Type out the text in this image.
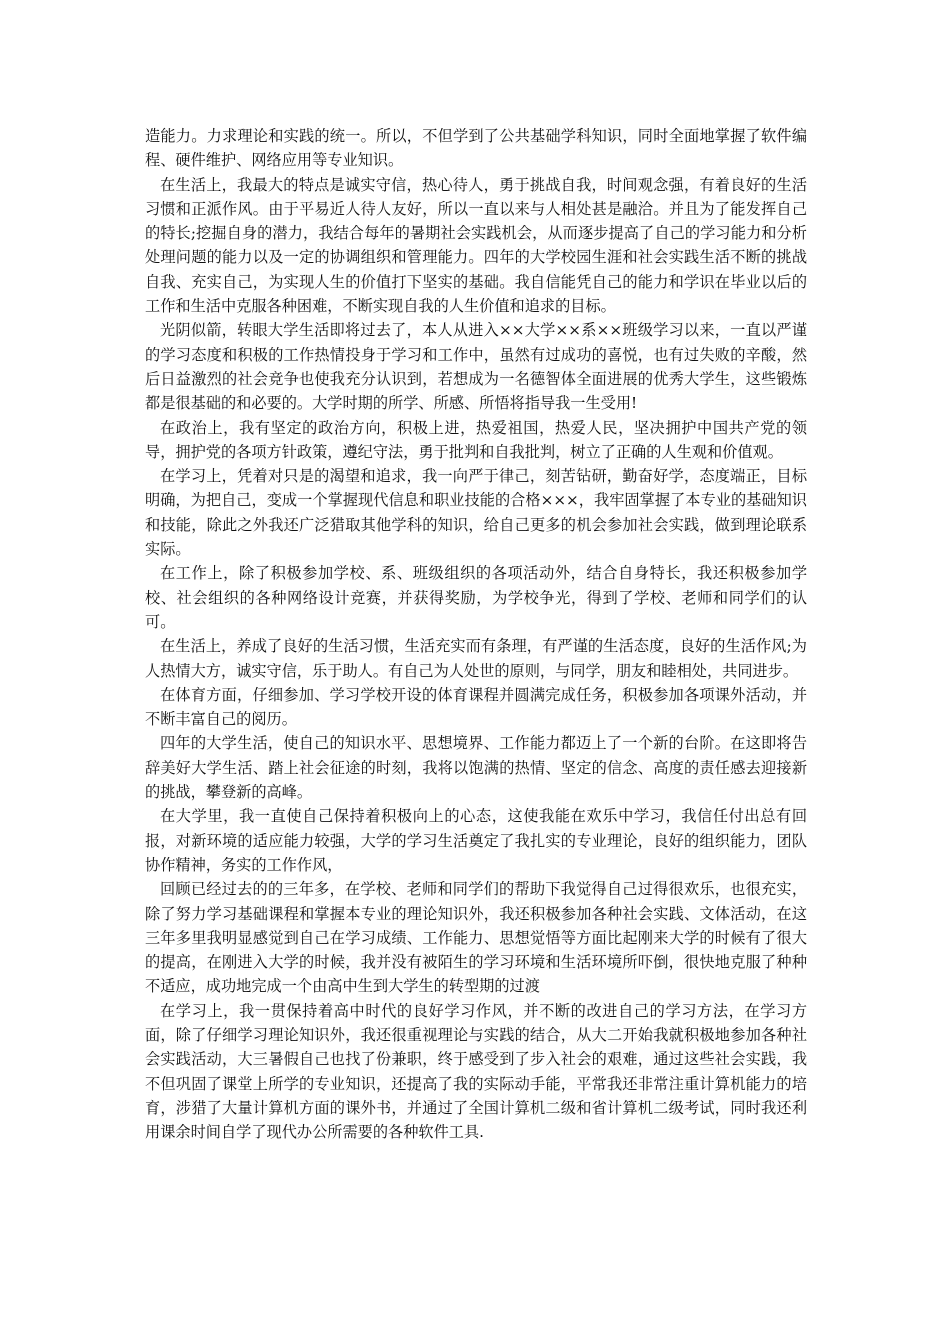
造能力。力求理论和实践的统一。所以，不但学到了公共基础学科知识，同时全面地掌握了软件编程、硬件维护、网络应用等专业知识。

在生活上，我最大的特点是诚实守信，热心待人，勇于挑战自我，时间观念强，有着良好的生活习惯和正派作风。由于平易近人待人友好，所以一直以来与人相处甚是融洽。并且为了能发挥自己的特长;挖掘自身的潜力，我结合每年的暑期社会实践机会，从而逐步提高了自己的学习能力和分析处理问题的能力以及一定的协调组织和管理能力。四年的大学校园生涯和社会实践生活不断的挑战自我、充实自己，为实现人生的价值打下坚实的基础。我自信能凭自己的能力和学识在毕业以后的工作和生活中克服各种困难，不断实现自我的人生价值和追求的目标。

光阴似箭，转眼大学生活即将过去了，本人从进入××大学××系××班级学习以来，一直以严谨的学习态度和积极的工作热情投身于学习和工作中，虽然有过成功的喜悦，也有过失败的辛酸，然后日益激烈的社会竞争也使我充分认识到，若想成为一名德智体全面进展的优秀大学生，这些锻炼都是很基础的和必要的。大学时期的所学、所感、所悟将指导我一生受用!

在政治上，我有坚定的政治方向，积极上进，热爱祖国，热爱人民，坚决拥护中国共产党的领导，拥护党的各项方针政策，遵纪守法，勇于批判和自我批判，树立了正确的人生观和价值观。

在学习上，凭着对只是的渴望和追求，我一向严于律己，刻苦钻研，勤奋好学，态度端正，目标明确，为把自己，变成一个掌握现代信息和职业技能的合格×××，我牢固掌握了本专业的基础知识和技能，除此之外我还广泛猎取其他学科的知识，给自己更多的机会参加社会实践，做到理论联系实际。

在工作上，除了积极参加学校、系、班级组织的各项活动外，结合自身特长，我还积极参加学校、社会组织的各种网络设计竞赛，并获得奖励，为学校争光，得到了学校、老师和同学们的认可。

在生活上，养成了良好的生活习惯，生活充实而有条理，有严谨的生活态度，良好的生活作风;为人热情大方，诚实守信，乐于助人。有自己为人处世的原则，与同学，朋友和睦相处，共同进步。

在体育方面，仔细参加、学习学校开设的体育课程并圆满完成任务，积极参加各项课外活动，并不断丰富自己的阅历。

四年的大学生活，使自己的知识水平、思想境界、工作能力都迈上了一个新的台阶。在这即将告辞美好大学生活、踏上社会征途的时刻，我将以饱满的热情、坚定的信念、高度的责任感去迎接新的挑战，攀登新的高峰。

在大学里，我一直使自己保持着积极向上的心态，这使我能在欢乐中学习，我信任付出总有回报，对新环境的适应能力较强，大学的学习生活奠定了我扎实的专业理论，良好的组织能力，团队协作精神，务实的工作作风，

回顾已经过去的的三年多，在学校、老师和同学们的帮助下我觉得自己过得很欢乐，也很充实，除了努力学习基础课程和掌握本专业的理论知识外，我还积极参加各种社会实践、文体活动，在这三年多里我明显感觉到自己在学习成绩、工作能力、思想觉悟等方面比起刚来大学的时候有了很大的提高，在刚进入大学的时候，我并没有被陌生的学习环境和生活环境所吓倒，很快地克服了种种不适应，成功地完成一个由高中生到大学生的转型期的过渡

在学习上，我一贯保持着高中时代的良好学习作风，并不断的改进自己的学习方法，在学习方面，除了仔细学习理论知识外，我还很重视理论与实践的结合，从大二开始我就积极地参加各种社会实践活动，大三暑假自己也找了份兼职，终于感受到了步入社会的艰难，通过这些社会实践，我不但巩固了课堂上所学的专业知识，还提高了我的实际动手能，平常我还非常注重计算机能力的培育，涉猎了大量计算机方面的课外书，并通过了全国计算机二级和省计算机二级考试，同时我还利用课余时间自学了现代办公所需要的各种软件工具.
